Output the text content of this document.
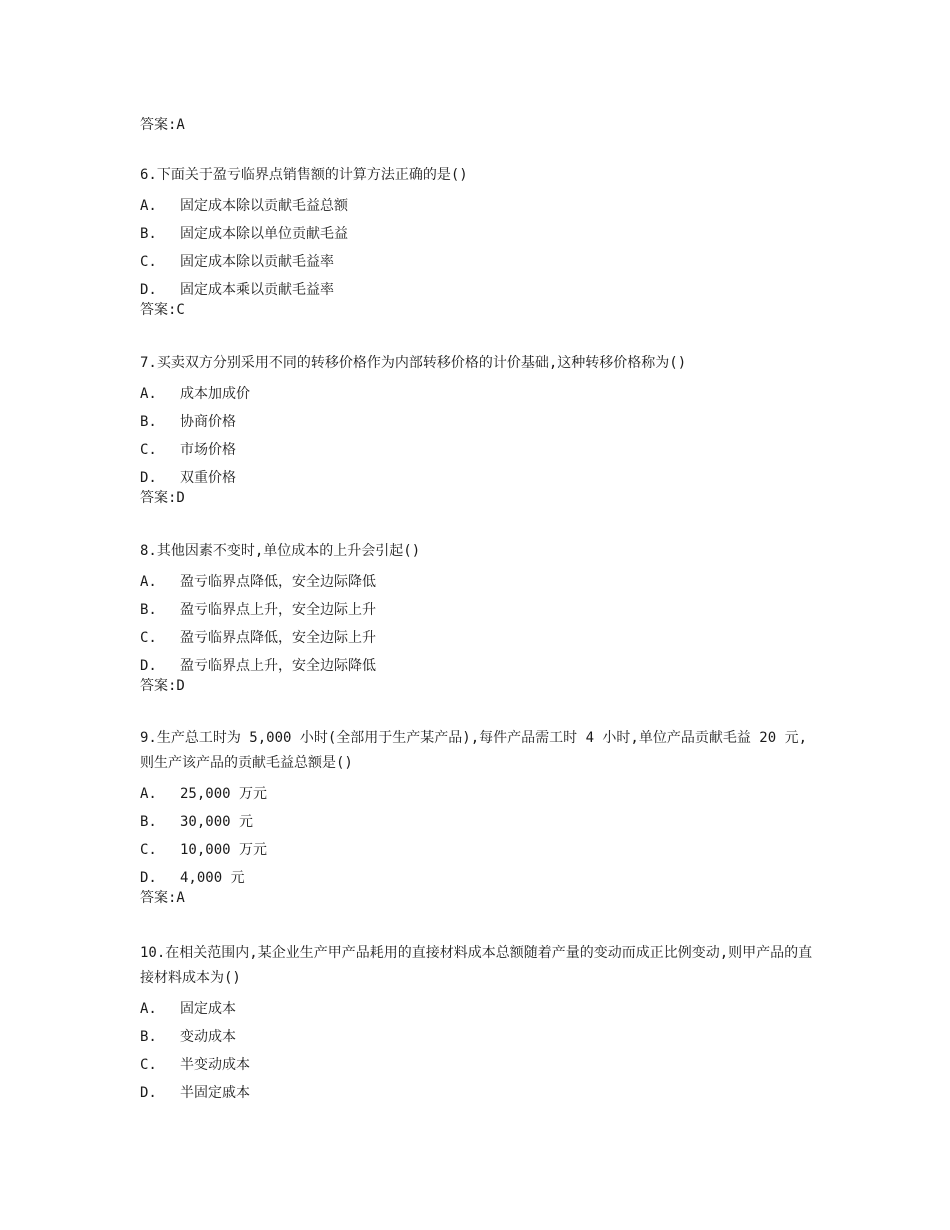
答案:A
6.下面关于盈亏临界点销售额的计算方法正确的是()
A.	固定成本除以贡献毛益总额
B.	固定成本除以单位贡献毛益
C.	固定成本除以贡献毛益率
D.	固定成本乘以贡献毛益率
答案:C
7.买卖双方分别采用不同的转移价格作为内部转移价格的计价基础,这种转移价格称为()
A.	成本加成价
B.	协商价格
C.	市场价格
D.	双重价格
答案:D
8.其他因素不变时,单位成本的上升会引起()
A.	盈亏临界点降低，安全边际降低
B.	盈亏临界点上升，安全边际上升
C.	盈亏临界点降低，安全边际上升
D.	盈亏临界点上升，安全边际降低
答案:D
9.生产总工时为 5,000 小时(全部用于生产某产品),每件产品需工时 4 小时,单位产品贡献毛益 20 元,则生产该产品的贡献毛益总额是()
A.	25,000 万元
B.	30,000 元
C.	10,000 万元
D.	4,000 元
答案:A
10.在相关范围内,某企业生产甲产品耗用的直接材料成本总额随着产量的变动而成正比例变动,则甲产品的直接材料成本为()
A.	固定成本
B.	变动成本
C.	半变动成本
D.	半固定戚本
